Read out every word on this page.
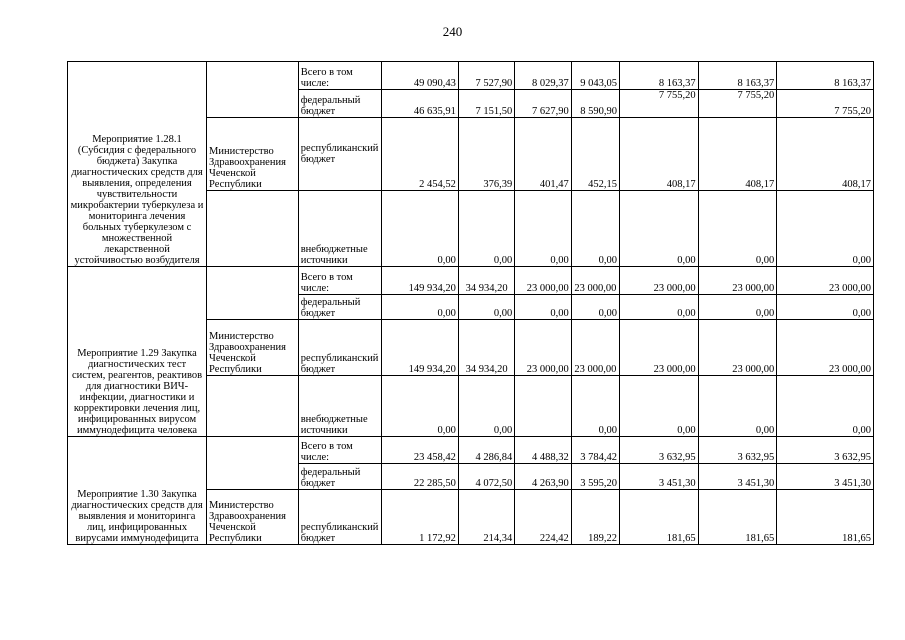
240
Мероприятие 1.28.1 (Субсидия с федерального бюджета) Закупка диагностических средств для выявления, определения чувствительности микробактерии туберкулеза и мониторинга лечения больных туберкулезом с множественной лекарственной устойчивостью возбудителя		Всего в том числе:	49 090,43	7 527,90	8 029,37	9 043,05	8 163,37	8 163,37	8 163,37
		федеральный бюджет	46 635,91	7 151,50	7 627,90	8 590,90	7 755,20	7 755,20	7 755,20
	Министерство Здравоохранения Чеченской Республики	республиканский бюджет	2 454,52	376,39	401,47	452,15	408,17	408,17	408,17
		внебюджетные источники	0,00	0,00	0,00	0,00	0,00	0,00	0,00
Мероприятие 1.29 Закупка диагностических тест систем, реагентов, реактивов для диагностики ВИЧ-инфекции, диагностики и корректировки лечения лиц, инфицированных вирусом иммунодефицита человека		Всего в том числе:	149 934,20	34 934,20	23 000,00	23 000,00	23 000,00	23 000,00	23 000,00
		федеральный бюджет	0,00	0,00	0,00	0,00	0,00	0,00	0,00
	Министерство Здравоохранения Чеченской Республики	республиканский бюджет	149 934,20	34 934,20	23 000,00	23 000,00	23 000,00	23 000,00	23 000,00
		внебюджетные источники	0,00	0,00		0,00	0,00	0,00	0,00
Мероприятие 1.30 Закупка диагностических средств для выявления и мониторинга лиц, инфицированных вирусами иммунодефицита		Всего в том числе:	23 458,42	4 286,84	4 488,32	3 784,42	3 632,95	3 632,95	3 632,95
		федеральный бюджет	22 285,50	4 072,50	4 263,90	3 595,20	3 451,30	3 451,30	3 451,30
	Министерство Здравоохранения Чеченской Республики	республиканский бюджет	1 172,92	214,34	224,42	189,22	181,65	181,65	181,65
